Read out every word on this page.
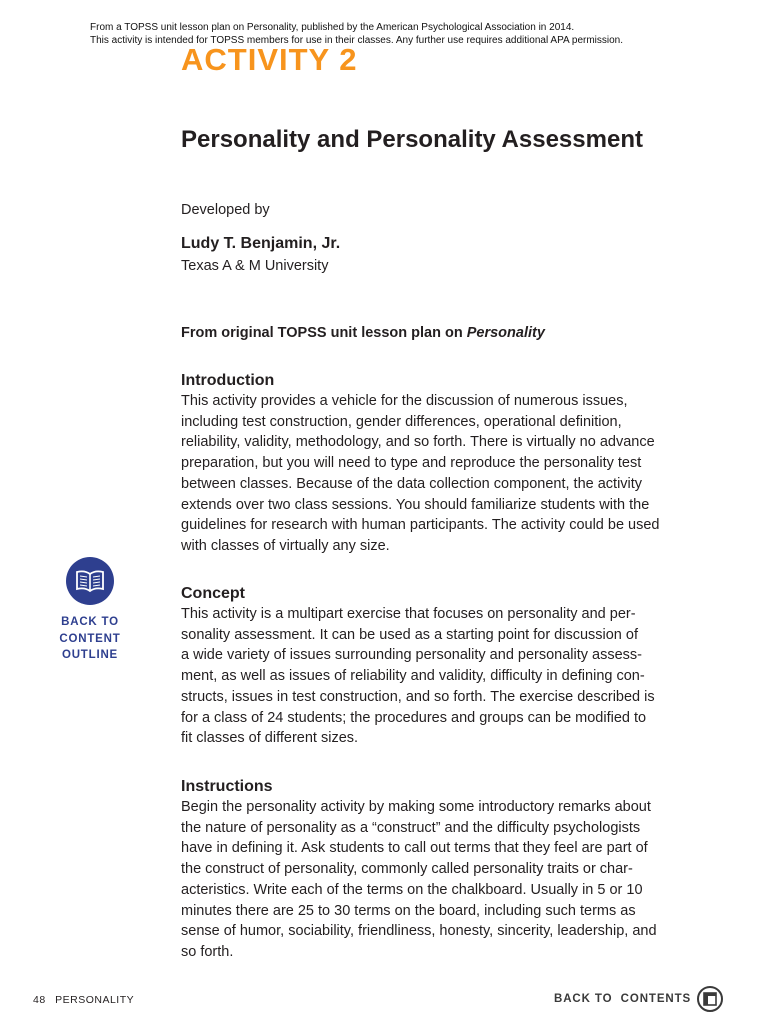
From a TOPSS unit lesson plan on Personality, published by the American Psychological Association in 2014.
This activity is intended for TOPSS members for use in their classes. Any further use requires additional APA permission.
ACTIVITY 2
Personality and Personality Assessment
Developed by
Ludy T. Benjamin, Jr.
Texas A & M University
From original TOPSS unit lesson plan on Personality
Introduction

This activity provides a vehicle for the discussion of numerous issues,
including test construction, gender differences, operational definition,
reliability, validity, methodology, and so forth. There is virtually no advance
preparation, but you will need to type and reproduce the personality test
between classes. Because of the data collection component, the activity
extends over two class sessions. You should familiarize students with the
guidelines for research with human participants. The activity could be used
with classes of virtually any size.

Concept

This activity is a multipart exercise that focuses on personality and per-
sonality assessment. It can be used as a starting point for discussion of
a wide variety of issues surrounding personality and personality assess-
ment, as well as issues of reliability and validity, difficulty in defining con-
structs, issues in test construction, and so forth. The exercise described is
for a class of 24 students; the procedures and groups can be modified to
fit classes of different sizes.

Instructions

Begin the personality activity by making some introductory remarks about
the nature of personality as a “construct” and the difficulty psychologists
have in defining it. Ask students to call out terms that they feel are part of
the construct of personality, commonly called personality traits or char-
acteristics. Write each of the terms on the chalkboard. Usually in 5 or 10
minutes there are 25 to 30 terms on the board, including such terms as
sense of humor, sociability, friendliness, honesty, sincerity, leadership, and
so forth.

BACK TO
CONTENT
OUTLINE
48 PERSONALITY	BACK TO  CONTENTS
